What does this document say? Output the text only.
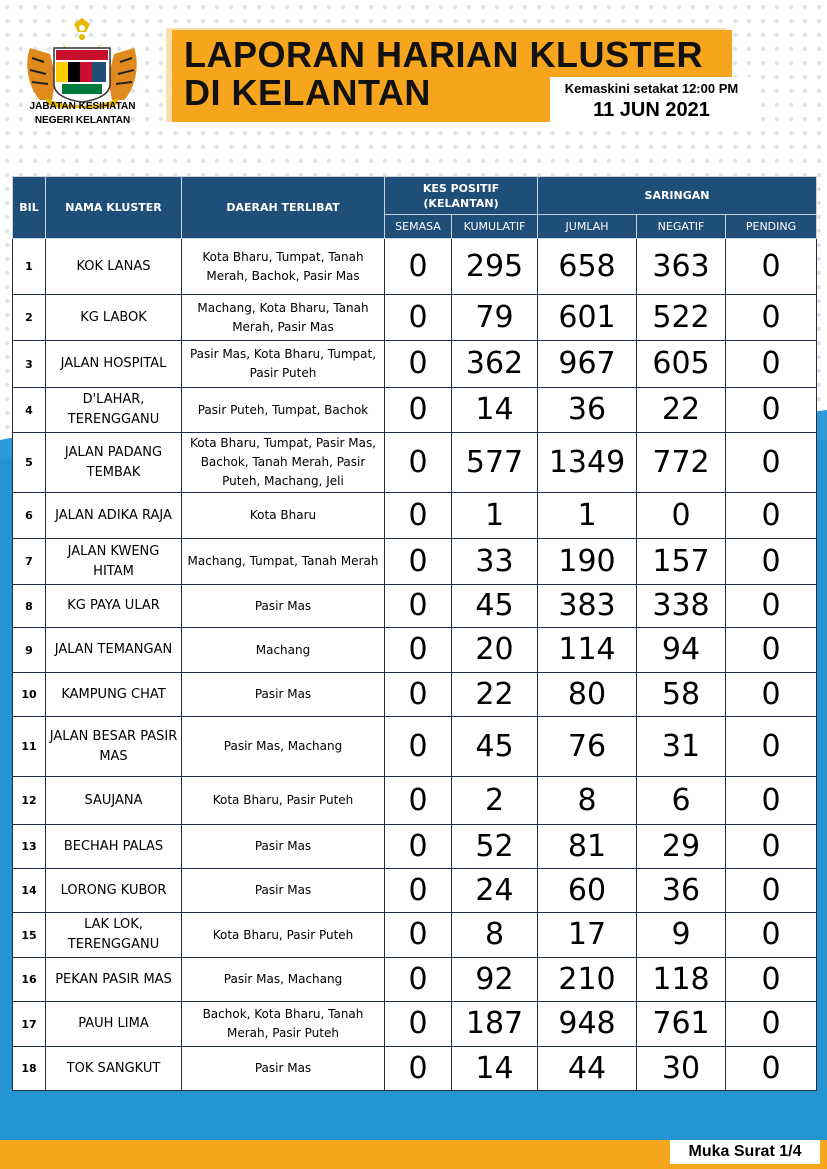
JABATAN KESIHATAN
NEGERI KELANTAN
LAPORAN HARIAN KLUSTER
DI KELANTAN	Kemaskini setakat 12:00 PM
11 JUN 2021
BIL	NAMA KLUSTER	DAERAH TERLIBAT	KES POSITIF (KELANTAN)		SARINGAN		
			SEMASA	KUMULATIF	JUMLAH	NEGATIF	PENDING
1	KOK LANAS	Kota Bharu, Tumpat, Tanah Merah, Bachok, Pasir Mas	0	295	658	363	0
2	KG LABOK	Machang, Kota Bharu, Tanah Merah, Pasir Mas	0	79	601	522	0
3	JALAN HOSPITAL	Pasir Mas, Kota Bharu, Tumpat, Pasir Puteh	0	362	967	605	0
4	D'LAHAR, TERENGGANU	Pasir Puteh, Tumpat, Bachok	0	14	36	22	0
5	JALAN PADANG TEMBAK	Kota Bharu, Tumpat, Pasir Mas, Bachok, Tanah Merah, Pasir Puteh, Machang, Jeli	0	577	1349	772	0
6	JALAN ADIKA RAJA	Kota Bharu	0	1	1	0	0
7	JALAN KWENG HITAM	Machang, Tumpat, Tanah Merah	0	33	190	157	0
8	KG PAYA ULAR	Pasir Mas	0	45	383	338	0
9	JALAN TEMANGAN	Machang	0	20	114	94	0
10	KAMPUNG CHAT	Pasir Mas	0	22	80	58	0
11	JALAN BESAR PASIR MAS	Pasir Mas, Machang	0	45	76	31	0
12	SAUJANA	Kota Bharu, Pasir Puteh	0	2	8	6	0
13	BECHAH PALAS	Pasir Mas	0	52	81	29	0
14	LORONG KUBOR	Pasir Mas	0	24	60	36	0
15	LAK LOK, TERENGGANU	Kota Bharu, Pasir Puteh	0	8	17	9	0
16	PEKAN PASIR MAS	Pasir Mas, Machang	0	92	210	118	0
17	PAUH LIMA	Bachok, Kota Bharu, Tanah Merah, Pasir Puteh	0	187	948	761	0
18	TOK SANGKUT	Pasir Mas	0	14	44	30	0
Muka Surat 1/4
